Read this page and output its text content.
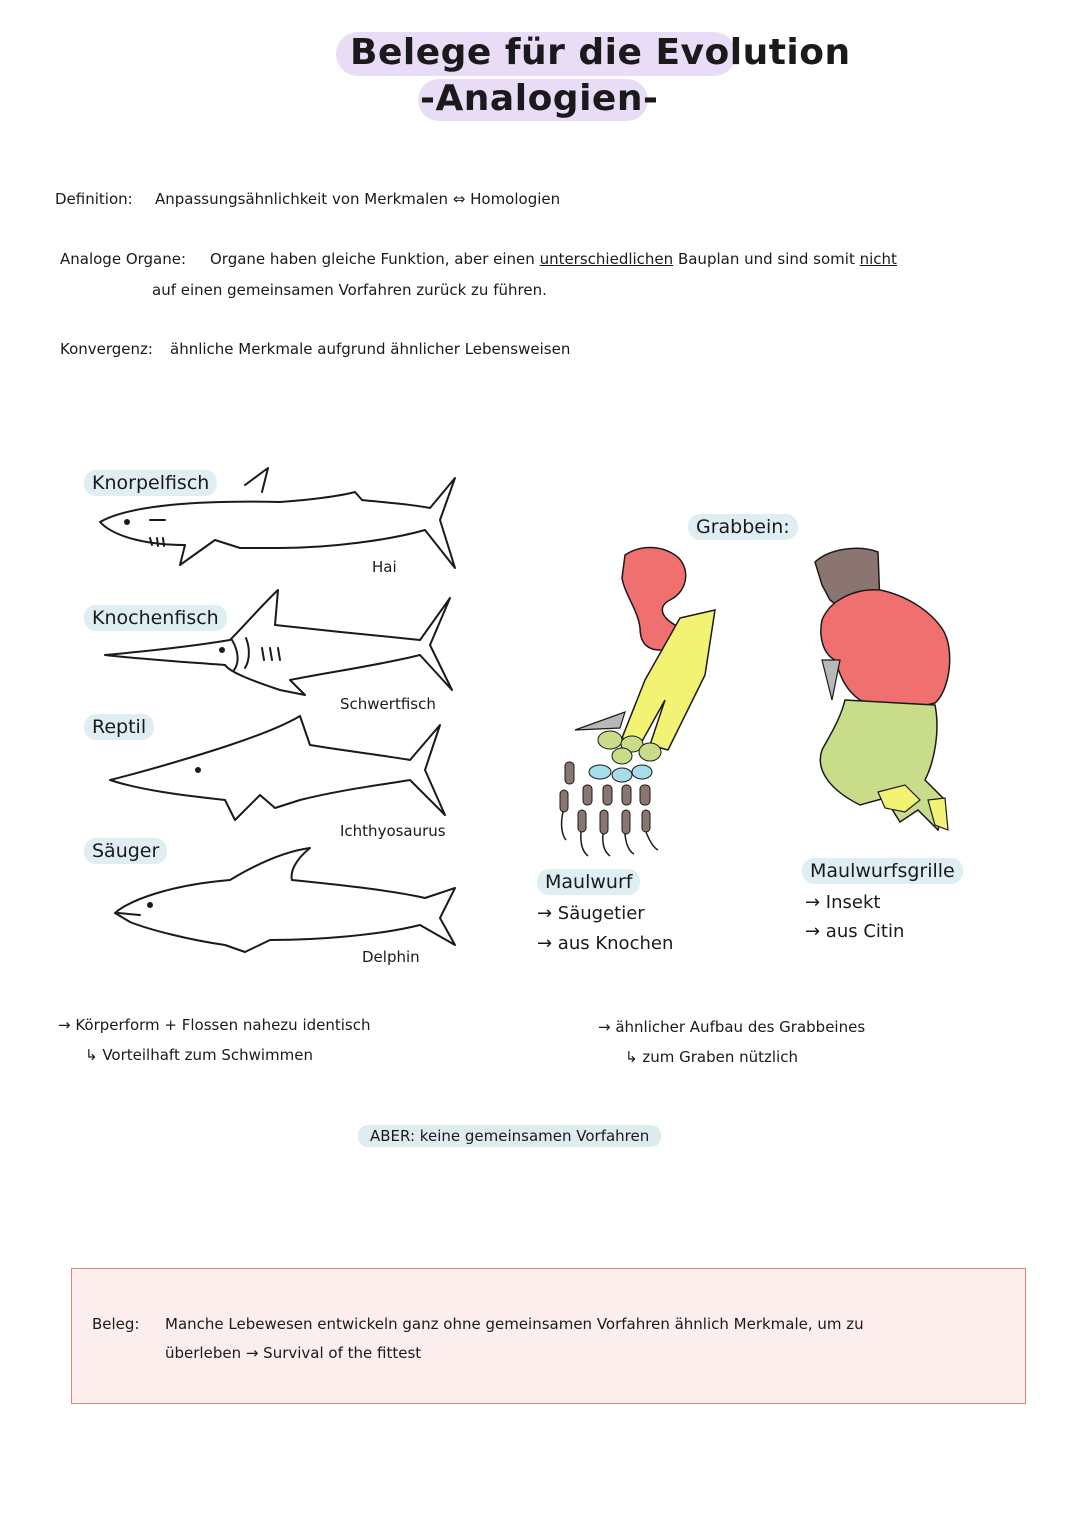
Belege für die Evolution
-Analogien-
Definition: Anpassungsähnlichkeit von Merkmalen ⇔ Homologien
Analoge Organe: Organe haben gleiche Funktion, aber einen unterschiedlichen Bauplan und sind somit nicht
auf einen gemeinsamen Vorfahren zurück zu führen.
Konvergenz: ähnliche Merkmale aufgrund ähnlicher Lebensweisen
Knorpelfisch
Hai
Knochenfisch
Schwertfisch
Reptil
Ichthyosaurus
Säuger
Delphin
Grabbein:
Maulwurf
→ Säugetier
→ aus Knochen
Maulwurfsgrille
→ Insekt
→ aus Citin
→ Körperform + Flossen nahezu identisch
↳ Vorteilhaft zum Schwimmen
→ ähnlicher Aufbau des Grabbeines
↳ zum Graben nützlich
ABER: keine gemeinsamen Vorfahren
Beleg: Manche Lebewesen entwickeln ganz ohne gemeinsamen Vorfahren ähnlich Merkmale, um zu
überleben → Survival of the fittest
